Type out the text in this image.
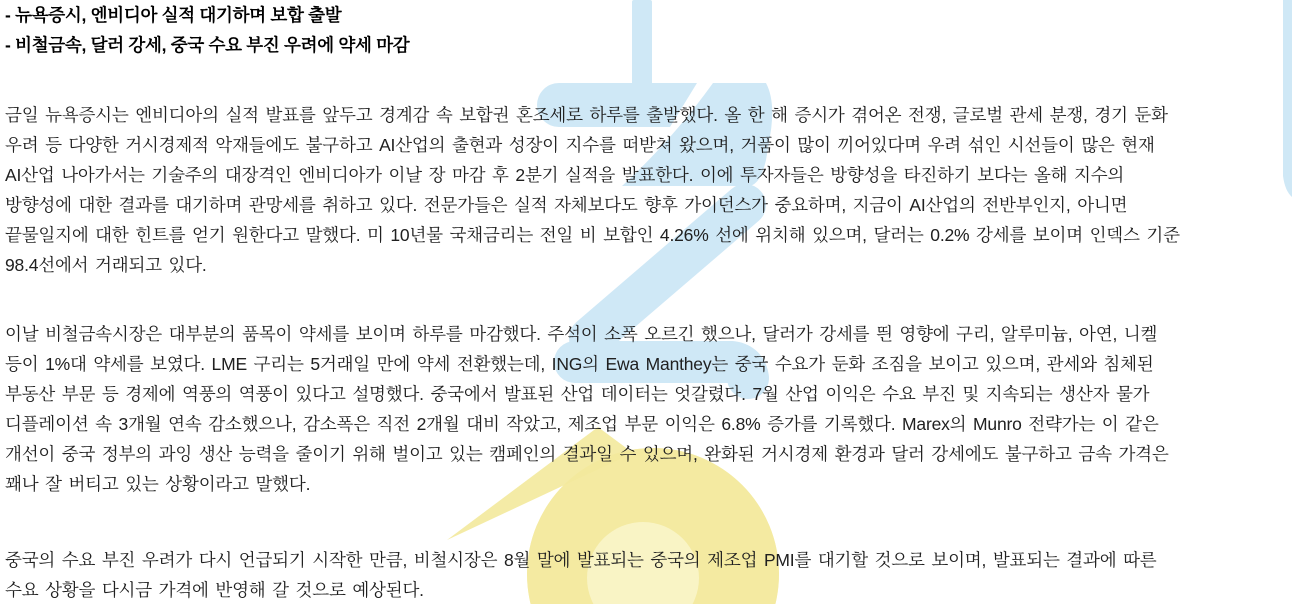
- 뉴욕증시, 엔비디아 실적 대기하며 보합 출발
- 비철금속, 달러 강세, 중국 수요 부진 우려에 약세 마감
금일 뉴욕증시는 엔비디아의 실적 발표를 앞두고 경계감 속 보합권 혼조세로 하루를 출발했다. 올 한 해 증시가 겪어온 전쟁, 글로벌 관세 분쟁, 경기 둔화
우려 등 다양한 거시경제적 악재들에도 불구하고 AI산업의 출현과 성장이 지수를 떠받쳐 왔으며, 거품이 많이 끼어있다며 우려 섞인 시선들이 많은 현재
AI산업 나아가서는 기술주의 대장격인 엔비디아가 이날 장 마감 후 2분기 실적을 발표한다. 이에 투자자들은 방향성을 타진하기 보다는 올해 지수의
방향성에 대한 결과를 대기하며 관망세를 취하고 있다. 전문가들은 실적 자체보다도 향후 가이던스가 중요하며, 지금이 AI산업의 전반부인지, 아니면
끝물일지에 대한 힌트를 얻기 원한다고 말했다. 미 10년물 국채금리는 전일 비 보합인 4.26% 선에 위치해 있으며, 달러는 0.2% 강세를 보이며 인덱스 기준
98.4선에서 거래되고 있다.
이날 비철금속시장은 대부분의 품목이 약세를 보이며 하루를 마감했다. 주석이 소폭 오르긴 했으나, 달러가 강세를 띈 영향에 구리, 알루미늄, 아연, 니켈
등이 1%대 약세를 보였다. LME 구리는 5거래일 만에 약세 전환했는데, ING의 Ewa Manthey는 중국 수요가 둔화 조짐을 보이고 있으며, 관세와 침체된
부동산 부문 등 경제에 역풍의 역풍이 있다고 설명했다. 중국에서 발표된 산업 데이터는 엇갈렸다. 7월 산업 이익은 수요 부진 및 지속되는 생산자 물가
디플레이션 속 3개월 연속 감소했으나, 감소폭은 직전 2개월 대비 작았고, 제조업 부문 이익은 6.8% 증가를 기록했다. Marex의 Munro 전략가는 이 같은
개선이 중국 정부의 과잉 생산 능력을 줄이기 위해 벌이고 있는 캠페인의 결과일 수 있으며, 완화된 거시경제 환경과 달러 강세에도 불구하고 금속 가격은
꽤나 잘 버티고 있는 상황이라고 말했다.
중국의 수요 부진 우려가 다시 언급되기 시작한 만큼, 비철시장은 8월 말에 발표되는 중국의 제조업 PMI를 대기할 것으로 보이며, 발표되는 결과에 따른
수요 상황을 다시금 가격에 반영해 갈 것으로 예상된다.
